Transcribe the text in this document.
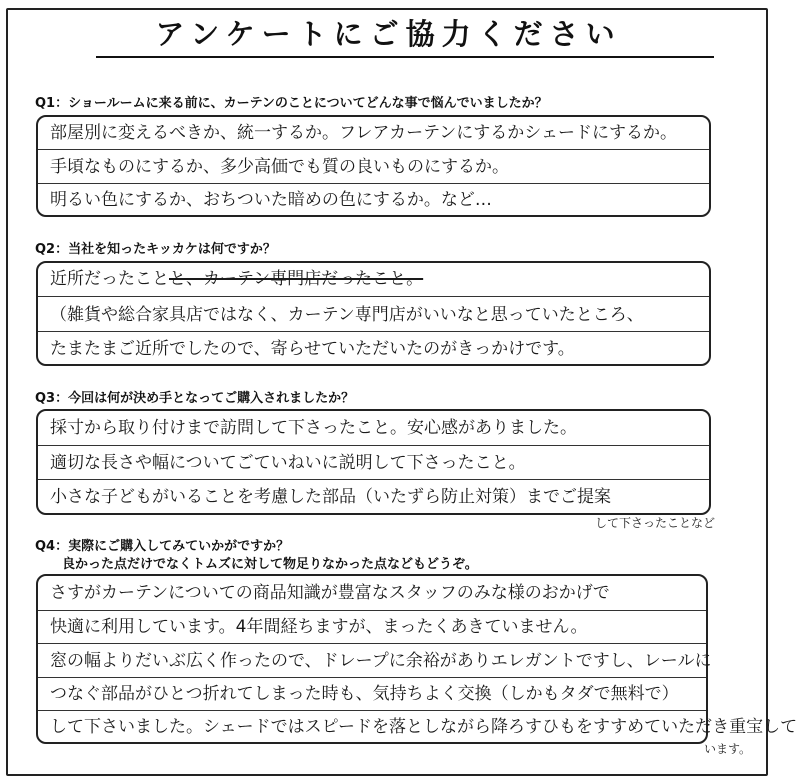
アンケートにご協力ください
Q1：ショールームに来る前に、カーテンのことについてどんな事で悩んでいましたか？
部屋別に変えるべきか、統一するか。フレアカーテンにするかシェードにするか。
手頃なものにするか、多少高価でも質の良いものにするか。
明るい色にするか、おちついた暗めの色にするか。など…
Q2：当社を知ったキッカケは何ですか？
近所だったことと、カーテン専門店だったこと。
（雑貨や総合家具店ではなく、カーテン専門店がいいなと思っていたところ、
たまたまご近所でしたので、寄らせていただいたのがきっかけです。
Q3：今回は何が決め手となってご購入されましたか？
採寸から取り付けまで訪問して下さったこと。安心感がありました。
適切な長さや幅についてごていねいに説明して下さったこと。
小さな子どもがいることを考慮した部品（いたずら防止対策）までご提案
して下さったことなど
Q4：実際にご購入してみていかがですか？
良かった点だけでなくトムズに対して物足りなかった点などもどうぞ。
さすがカーテンについての商品知識が豊富なスタッフのみな様のおかげで
快適に利用しています。4年間経ちますが、まったくあきていません。
窓の幅よりだいぶ広く作ったので、ドレープに余裕がありエレガントですし、レールに
つなぐ部品がひとつ折れてしまった時も、気持ちよく交換（しかもタダで無料で）
して下さいました。シェードではスピードを落としながら降ろすひもをすすめていただき重宝して
います。
